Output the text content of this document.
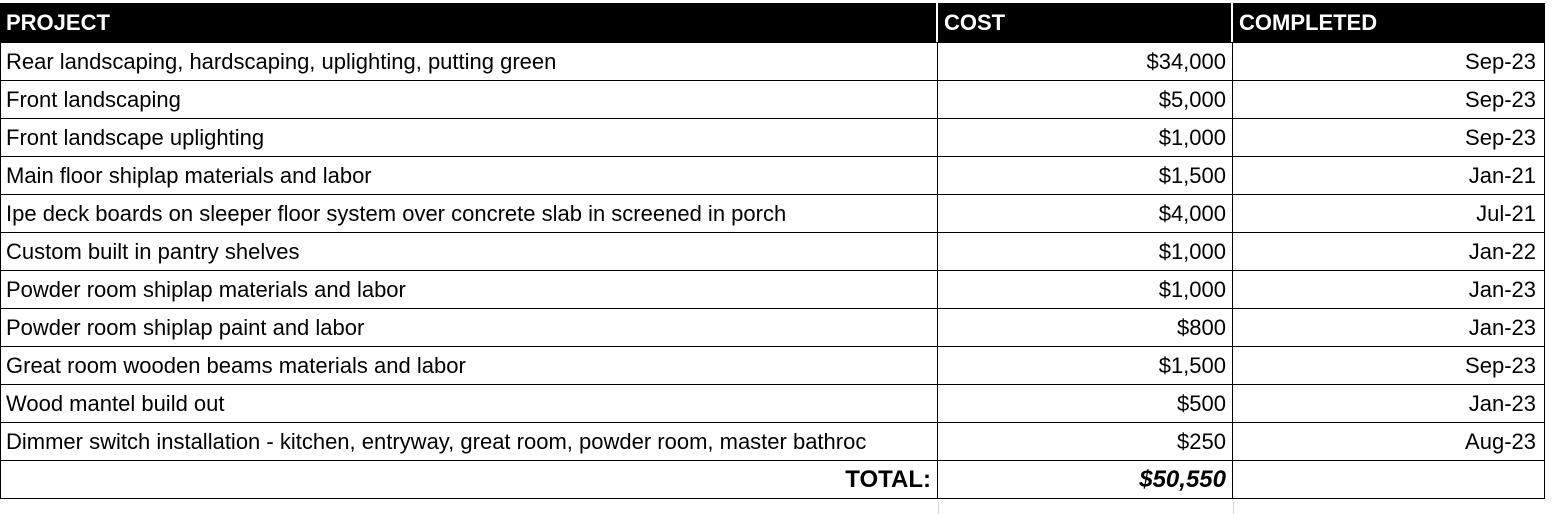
PROJECT	COST	COMPLETED
Rear landscaping, hardscaping, uplighting, putting green	$34,000	Sep-23
Front landscaping	$5,000	Sep-23
Front landscape uplighting	$1,000	Sep-23
Main floor shiplap materials and labor	$1,500	Jan-21
Ipe deck boards on sleeper floor system over concrete slab in screened in porch	$4,000	Jul-21
Custom built in pantry shelves	$1,000	Jan-22
Powder room shiplap materials and labor	$1,000	Jan-23
Powder room shiplap paint and labor	$800	Jan-23
Great room wooden beams materials and labor	$1,500	Sep-23
Wood mantel build out	$500	Jan-23
Dimmer switch installation - kitchen, entryway, great room, powder room, master bathroc	$250	Aug-23
TOTAL:	$50,550
